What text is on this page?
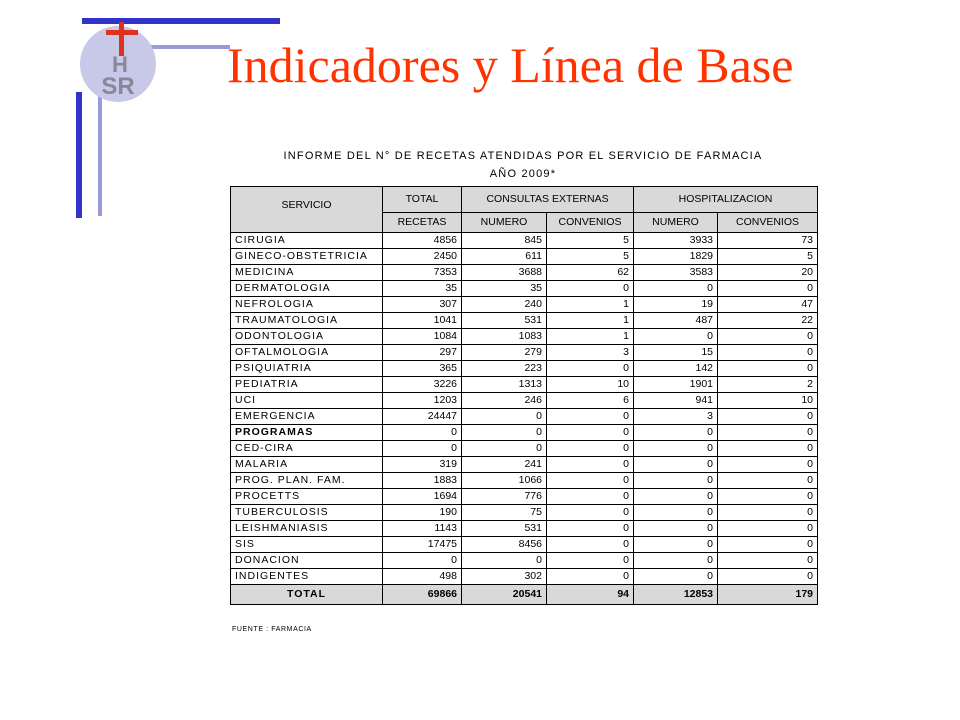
H
SR Indicadores y Línea de Base
INFORME DEL N° DE RECETAS ATENDIDAS POR EL SERVICIO DE FARMACIA
AÑO 2009*
SERVICIO	TOTAL	CONSULTAS EXTERNAS		HOSPITALIZACION	
	RECETAS	NUMERO	CONVENIOS	NUMERO	CONVENIOS
CIRUGIA	4856	845	5	3933	73
GINECO-OBSTETRICIA	2450	611	5	1829	5
MEDICINA	7353	3688	62	3583	20
DERMATOLOGIA	35	35	0	0	0
NEFROLOGIA	307	240	1	19	47
TRAUMATOLOGIA	1041	531	1	487	22
ODONTOLOGIA	1084	1083	1	0	0
OFTALMOLOGIA	297	279	3	15	0
PSIQUIATRIA	365	223	0	142	0
PEDIATRIA	3226	1313	10	1901	2
UCI	1203	246	6	941	10
EMERGENCIA	24447	0	0	3	0
PROGRAMAS	0	0	0	0	0
CED-CIRA	0	0	0	0	0
MALARIA	319	241	0	0	0
PROG. PLAN. FAM.	1883	1066	0	0	0
PROCETTS	1694	776	0	0	0
TUBERCULOSIS	190	75	0	0	0
LEISHMANIASIS	1143	531	0	0	0
SIS	17475	8456	0	0	0
DONACION	0	0	0	0	0
INDIGENTES	498	302	0	0	0
TOTAL	69866	20541	94	12853	179
FUENTE : FARMACIA
